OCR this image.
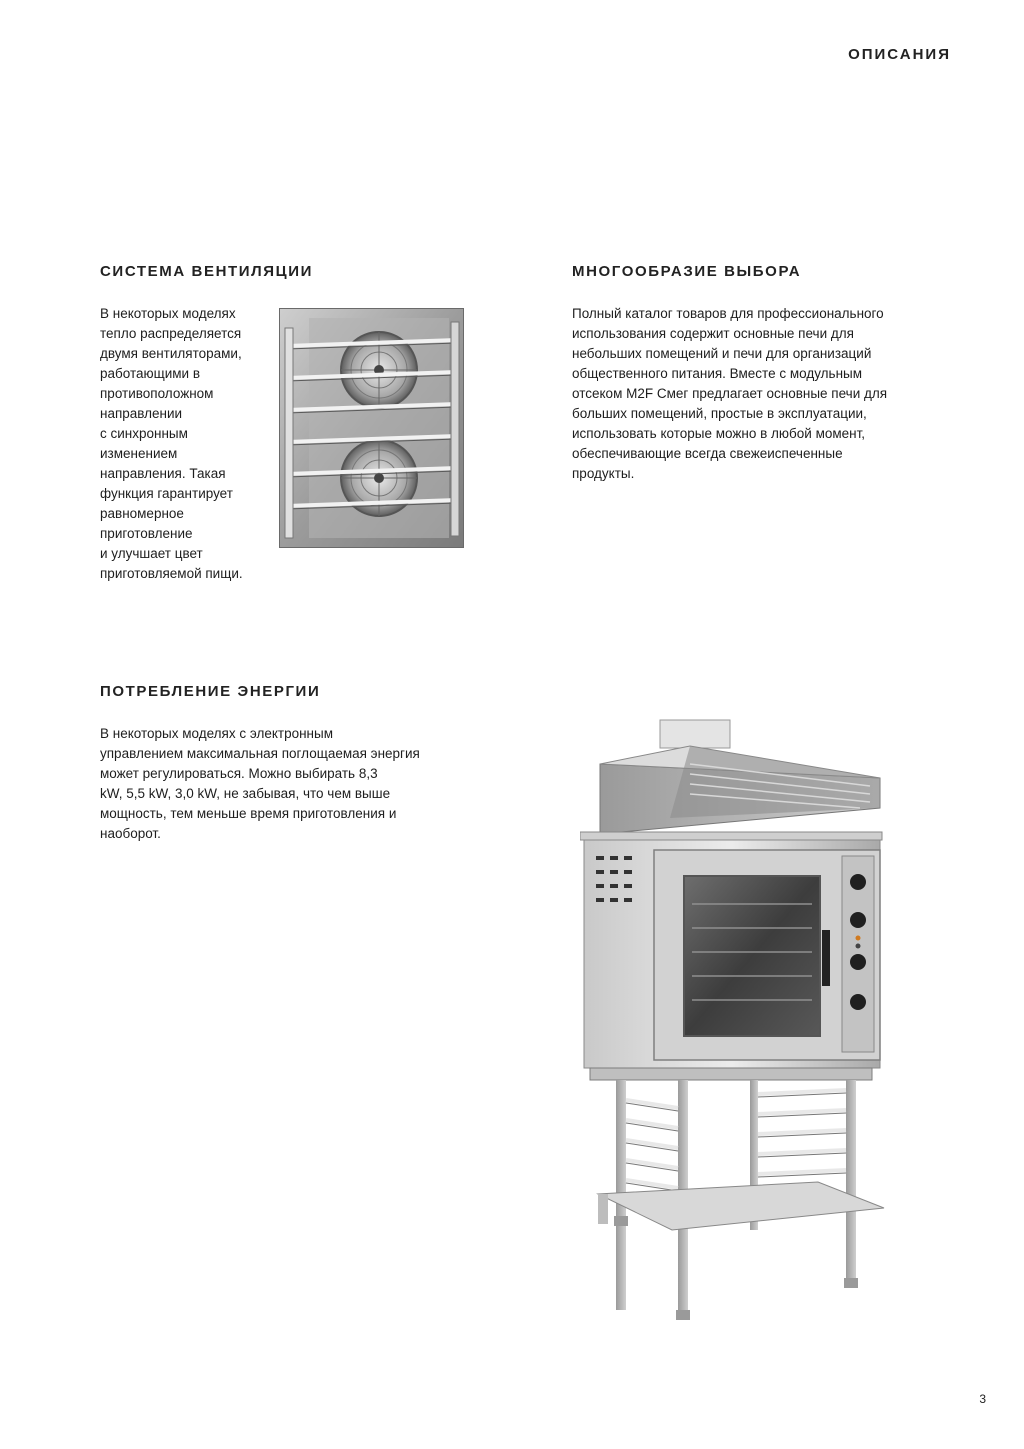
ОПИСАНИЯ
СИСТЕМА ВЕНТИЛЯЦИИ
В некоторых моделях
тепло распределяется
двумя вентиляторами,
работающими в
противоположном
направлении
с синхронным
изменением
направления. Такая
функция гарантирует
равномерное
приготовление
и улучшает цвет
приготовляемой пищи.
МНОГООБРАЗИЕ ВЫБОРА
Полный каталог товаров для профессионального
использования содержит основные печи для
небольших помещений и печи для организаций
общественного питания. Вместе с модульным
отсеком M2F Смег предлагает основные печи для
больших помещений, простые в эксплуатации,
использовать которые можно в любой момент,
обеспечивающие всегда свежеиспеченные
продукты.
ПОТРЕБЛЕНИЕ ЭНЕРГИИ
В некоторых моделях с электронным
управлением максимальная поглощаемая энергия
может регулироваться. Можно выбирать 8,3
kW, 5,5 kW, 3,0 kW, не забывая, что чем выше
мощность, тем меньше время приготовления и
наоборот.
3
